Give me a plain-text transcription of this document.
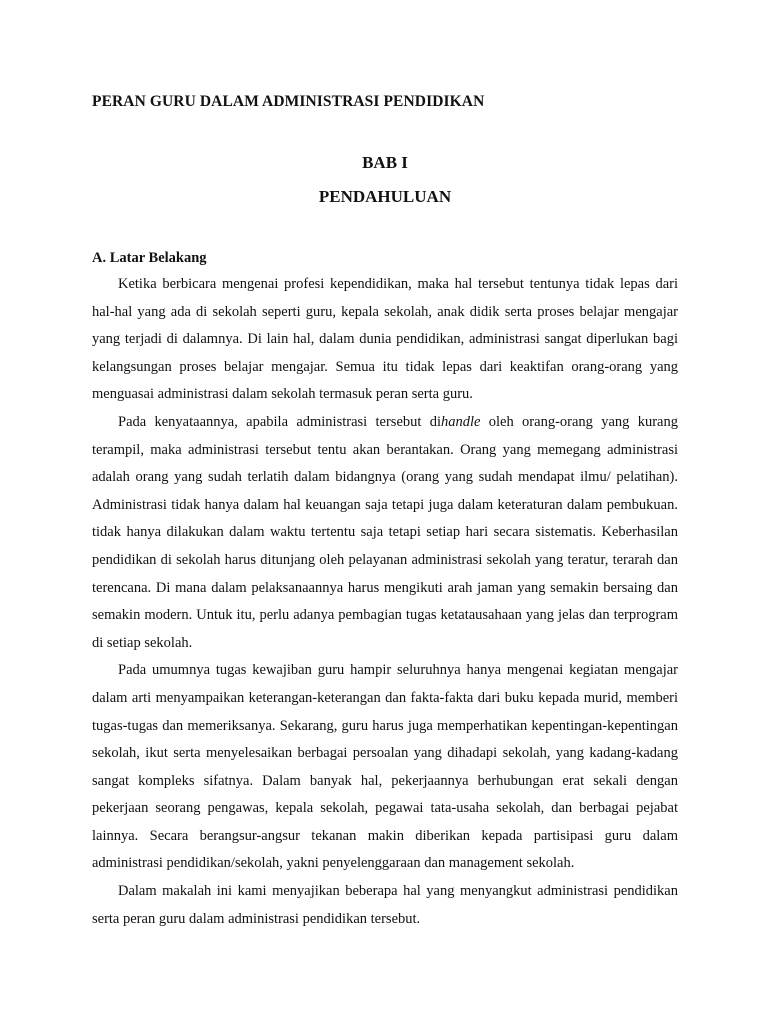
PERAN GURU DALAM ADMINISTRASI PENDIDIKAN
BAB I
PENDAHULUAN
A. Latar Belakang

Ketika berbicara mengenai profesi kependidikan, maka hal tersebut tentunya tidak lepas dari hal-hal yang ada di sekolah seperti guru, kepala sekolah, anak didik serta proses belajar mengajar yang terjadi di dalamnya. Di lain hal, dalam dunia pendidikan, administrasi sangat diperlukan bagi kelangsungan proses belajar mengajar. Semua itu tidak lepas dari keaktifan orang-orang yang menguasai administrasi dalam sekolah termasuk peran serta guru.

Pada kenyataannya, apabila administrasi tersebut dihandle oleh orang-orang yang kurang terampil, maka administrasi tersebut tentu akan berantakan. Orang yang memegang administrasi adalah orang yang sudah terlatih dalam bidangnya (orang yang sudah mendapat ilmu/ pelatihan). Administrasi tidak hanya dalam hal keuangan saja tetapi juga dalam keteraturan dalam pembukuan. tidak hanya dilakukan dalam waktu tertentu saja tetapi setiap hari secara sistematis. Keberhasilan pendidikan di sekolah harus ditunjang oleh pelayanan administrasi sekolah yang teratur, terarah dan terencana. Di mana dalam pelaksanaannya harus mengikuti arah jaman yang semakin bersaing dan semakin modern. Untuk itu, perlu adanya pembagian tugas ketatausahaan yang jelas dan terprogram di setiap sekolah.

Pada umumnya tugas kewajiban guru hampir seluruhnya hanya mengenai kegiatan mengajar dalam arti menyampaikan keterangan-keterangan dan fakta-fakta dari buku kepada murid, memberi tugas-tugas dan memeriksanya. Sekarang, guru harus juga memperhatikan kepentingan-kepentingan sekolah, ikut serta menyelesaikan berbagai persoalan yang dihadapi sekolah, yang kadang-kadang sangat kompleks sifatnya. Dalam banyak hal, pekerjaannya berhubungan erat sekali dengan pekerjaan seorang pengawas, kepala sekolah, pegawai tata-usaha sekolah, dan berbagai pejabat lainnya. Secara berangsur-angsur tekanan makin diberikan kepada partisipasi guru dalam administrasi pendidikan/sekolah, yakni penyelenggaraan dan management sekolah.

Dalam makalah ini kami menyajikan beberapa hal yang menyangkut administrasi pendidikan serta peran guru dalam administrasi pendidikan tersebut.
